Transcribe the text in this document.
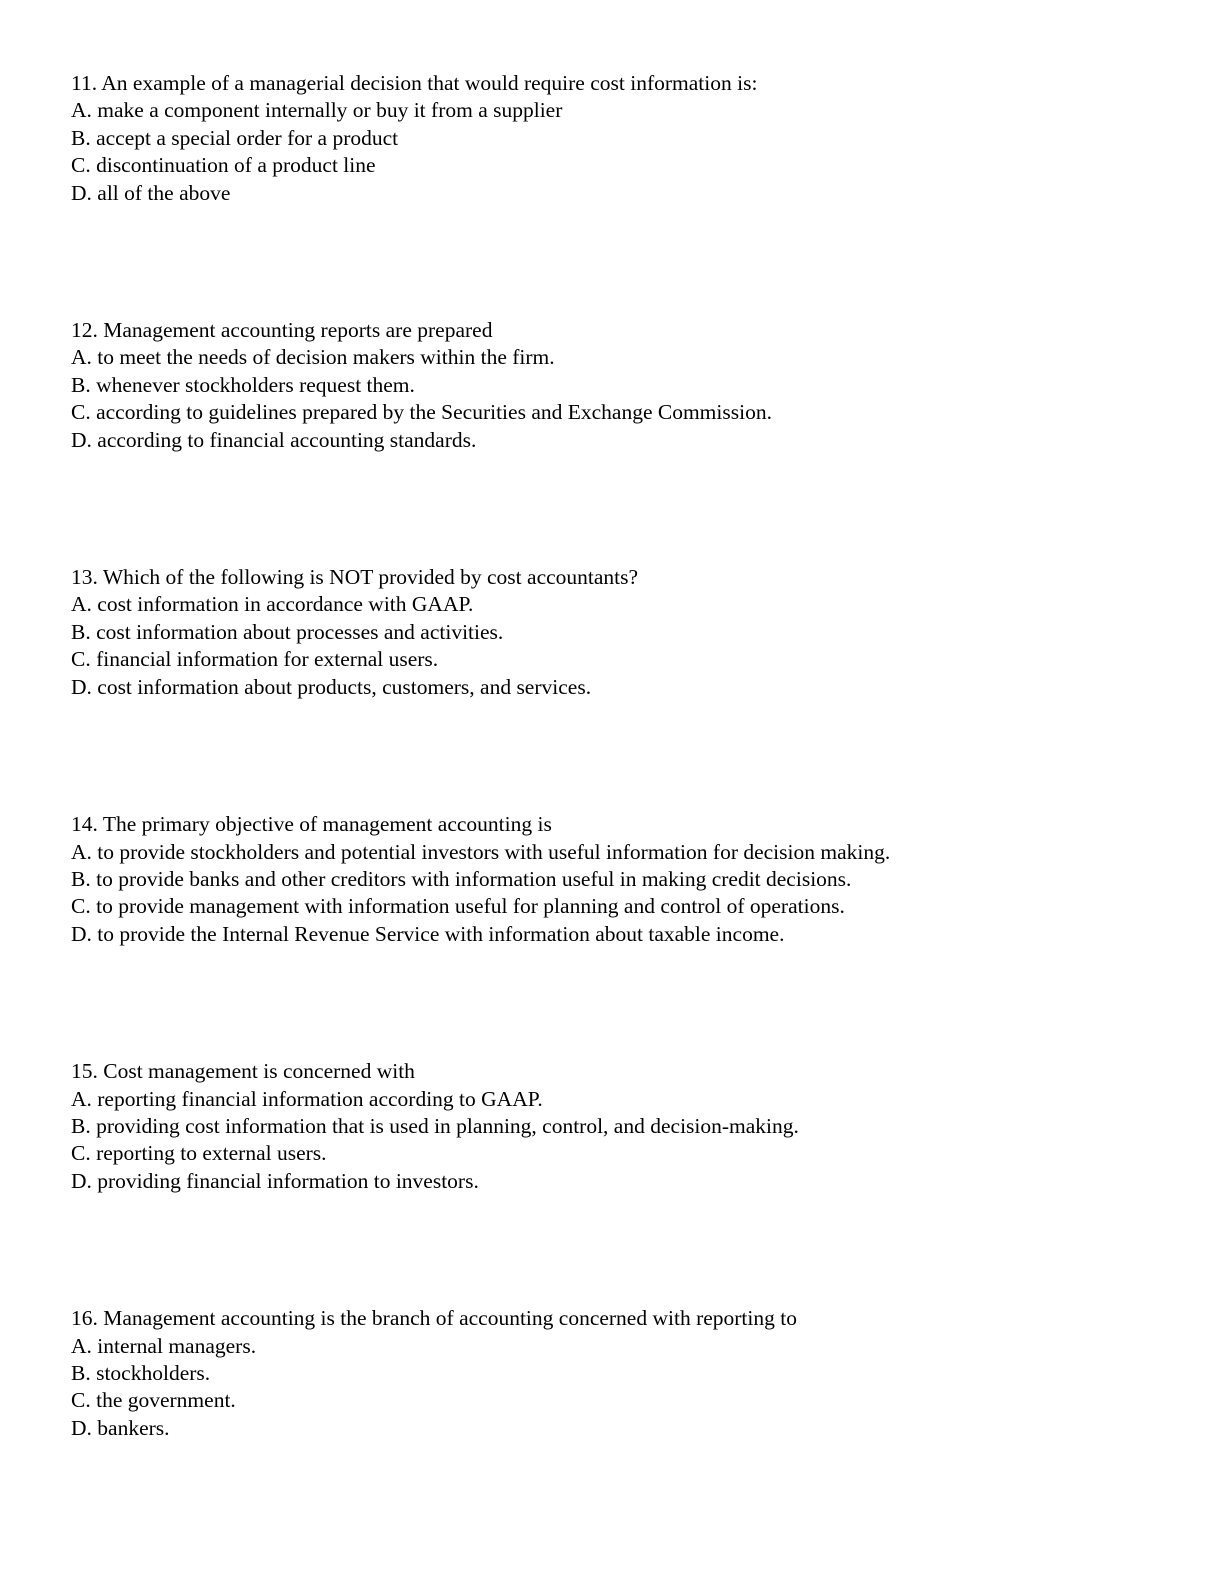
11. An example of a managerial decision that would require cost information is:
A. make a component internally or buy it from a supplier
B. accept a special order for a product
C. discontinuation of a product line
D. all of the above
12. Management accounting reports are prepared
A. to meet the needs of decision makers within the firm.
B. whenever stockholders request them.
C. according to guidelines prepared by the Securities and Exchange Commission.
D. according to financial accounting standards.
13. Which of the following is NOT provided by cost accountants?
A. cost information in accordance with GAAP.
B. cost information about processes and activities.
C. financial information for external users.
D. cost information about products, customers, and services.
14. The primary objective of management accounting is
A. to provide stockholders and potential investors with useful information for decision making.
B. to provide banks and other creditors with information useful in making credit decisions.
C. to provide management with information useful for planning and control of operations.
D. to provide the Internal Revenue Service with information about taxable income.
15. Cost management is concerned with
A. reporting financial information according to GAAP.
B. providing cost information that is used in planning, control, and decision-making.
C. reporting to external users.
D. providing financial information to investors.
16. Management accounting is the branch of accounting concerned with reporting to
A. internal managers.
B. stockholders.
C. the government.
D. bankers.
